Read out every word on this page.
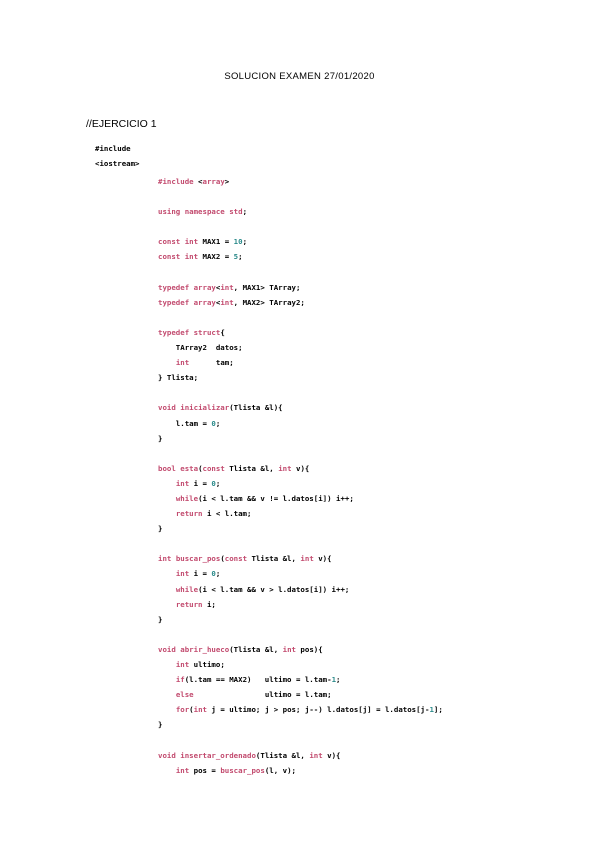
SOLUCION EXAMEN 27/01/2020
//EJERCICIO 1
#include
<iostream>
#include <array>

using namespace std;

const int MAX1 = 10;
const int MAX2 = 5;

typedef array<int, MAX1> TArray;
typedef array<int, MAX2> TArray2;

typedef struct{
TArray2  datos;
int      tam;
} Tlista;

void inicializar(Tlista &l){
l.tam = 0;
}

bool esta(const Tlista &l, int v){
int i = 0;
while(i < l.tam && v != l.datos[i]) i++;
return i < l.tam;
}

int buscar_pos(const Tlista &l, int v){
int i = 0;
while(i < l.tam && v > l.datos[i]) i++;
return i;
}

void abrir_hueco(Tlista &l, int pos){
int ultimo;
if(l.tam == MAX2)   ultimo = l.tam-1;
else                ultimo = l.tam;
for(int j = ultimo; j > pos; j--) l.datos[j] = l.datos[j-1];
}

void insertar_ordenado(Tlista &l, int v){
int pos = buscar_pos(l, v);
